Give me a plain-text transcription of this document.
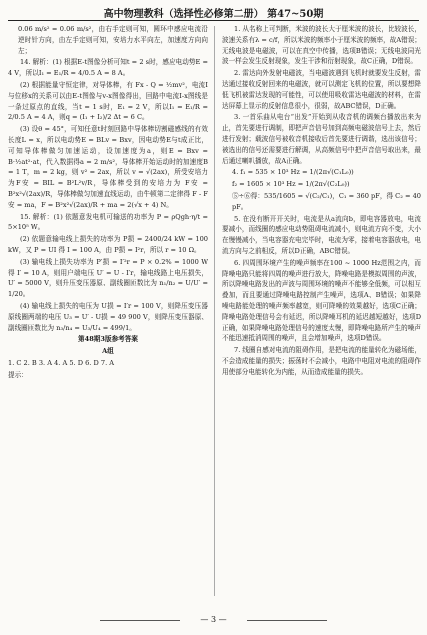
高中物理教科（选择性必修第二册） 第47~50期

0.06 m/s² = 0.06 m/s²，由右手定则可知，圆环中感应电流沿逆时针方向，由左手定则可知，安培力水平向左，加速度方向向左；

14. 解析：(1) 根据E-t图像分析可知t = 2 s时，感应电动势E = 4 V，所以I₁ = E₁/R = 4/0.5 A = 8 A。

(2) 根据能量守恒定律，对导体棒，有 Fx - Q = ½mv²，电流I与位移x的关系可以由E-t图像与v-x图像得出，回路中电流I-x图线是一条过原点的直线，当t = 1 s时，E₁ = 2 V，所以I₁ = E₁/R = 2/0.5 A = 4 A，则q = (I₁ + I₂)/2 Δt = 6 C。

(3) 设θ = 45°，可知任意t时刻回路中导体棒切割磁感线的有效长度L = x，所以电动势E = BLv = Bxv，因电动势E与t成正比，可知导体棒做匀加速运动，设加速度为a，则E = Bxv = B·½at²·at，代入数据得a = 2 m/s²，导体棒开始运动时的加速度B = 1 T，m = 2 kg，则 v² = 2ax，所以 v = √(2ax)，所受安培力为F安 = BIL = B²L²v/R，导体棒受到的安培力为 F安 = B²x²√(2ax)/R，导体棒做匀加速直线运动，由牛顿第二定律得 F - F安 = ma，F = B²x²√(2ax)/R + ma = 2(√x + 4) N。

15. 解析：(1) 依题意发电机可输送的功率为 P = ρQgh·η/t = 5×10⁵ W。

(2) 依题意输电线上损失的功率为 P损 = 2400/24 kW = 100 kW，又 P = UI 得 I = 100 A，由 P损 = I²r，所以 r = 10 Ω。

(3) 输电线上损失功率为 P′损 = I′²r = P × 0.2% = 1000 W 得 I′ = 10 A，则用户端电压 U′ = U - I′r，输电线路上电压损失，U′ = 5000 V，则升压变压器原、副线圈匝数比为 n₁/n₂ = U/U′ = 1/20。

(4) 输电线上损失的电压为 U损 = I′r = 100 V，则降压变压器原线圈两端的电压 U₃ = U′ - U损 = 49 900 V，则降压变压器原、副线圈匝数比为 n₃/n₄ = U₃/U₄ = 499/1。

第48期3版参考答案

A组

1. C 2. B 3. A 4. A 5. D 6. D 7. A

提示：

1. 从名称上可判断，米波的波长大于厘米波的波长，比较波长，波速关系有λ = c/f，所以米波的频率小于厘米波的频率，故A错误；无线电波是电磁波，可以在真空中传播，选项B错误；无线电波同光波一样会发生反射现象，发生干涉和衍射现象，故C正确，D错误。

2. 雷达向外发射电磁波，当电磁波遇到飞机时就要发生反射，雷达通过接收反射回来的电磁波，就可以测定飞机的位置，所以要想降低飞机被雷达发现的可能性，可以使用吸收雷达电磁波的材料，在雷达屏幕上显示的反射信息很小，很弱，故ABC错误，D正确。

3. 一首乐曲从电台“出发”开始到从收音机的调频台播放出来为止，首先要进行调制，即把声音信号加到高频电磁波信号上去，然后进行发射；载波信号被收音机接收后首先要进行调谐，选出该信号；被选出的信号还需要进行解调，从高频信号中把声音信号取出来，最后通过喇叭播放，故A正确。

4. f₁ = 535 × 10³ Hz = 1/(2π√(C₁L₀))

f₂ = 1605 × 10³ Hz = 1/(2π√(C₂L₀))

⑤÷⑥得：535/1605 = √(C₂/C₁)，C₁ = 360 pF，得 C₂ = 40 pF。

5. 在没有断开开关时，电流是从a流向b，即电容器放电，电流要减小，而线圈的感应电动势阻碍电流减小，则电流方向不变，大小在慢慢减小，当电容器充电完毕时，电流为零，接着电容器放电，电流方向与之前相反，所以D正确，ABC错误。

6. 四周围环境产生的噪声频率在100 ~ 1000 Hz范围之内，而降噪电路只能将四周的噪声进行放大，降噪电路是模拟周围的声波，所以降噪电路发出的声波与周围环境的噪声不能够全低频，可以相互叠加，而且要通过降噪电路控制产生噪声，选项A、B错误；如果降噪电路能处理的噪声频率越宽，则可降噪的效果越好，选项C正确；降噪电路处理信号会有延迟，所以降噪耳机的延迟越短越好，选项D正确，如果降噪电路处理信号的速度太慢，即降噪电路所产生的噪声不能迅速抵消周围的噪声，且会增加噪声，选项D错误。

7. 线圈自感对电流的阻碍作用，是把电流的能量转化为磁场能，不会造成能量的损失；振荡时不会减小，电路中电阻对电流的阻碍作用使部分电能转化为内能，从而造成能量的损失。

— 3 —
